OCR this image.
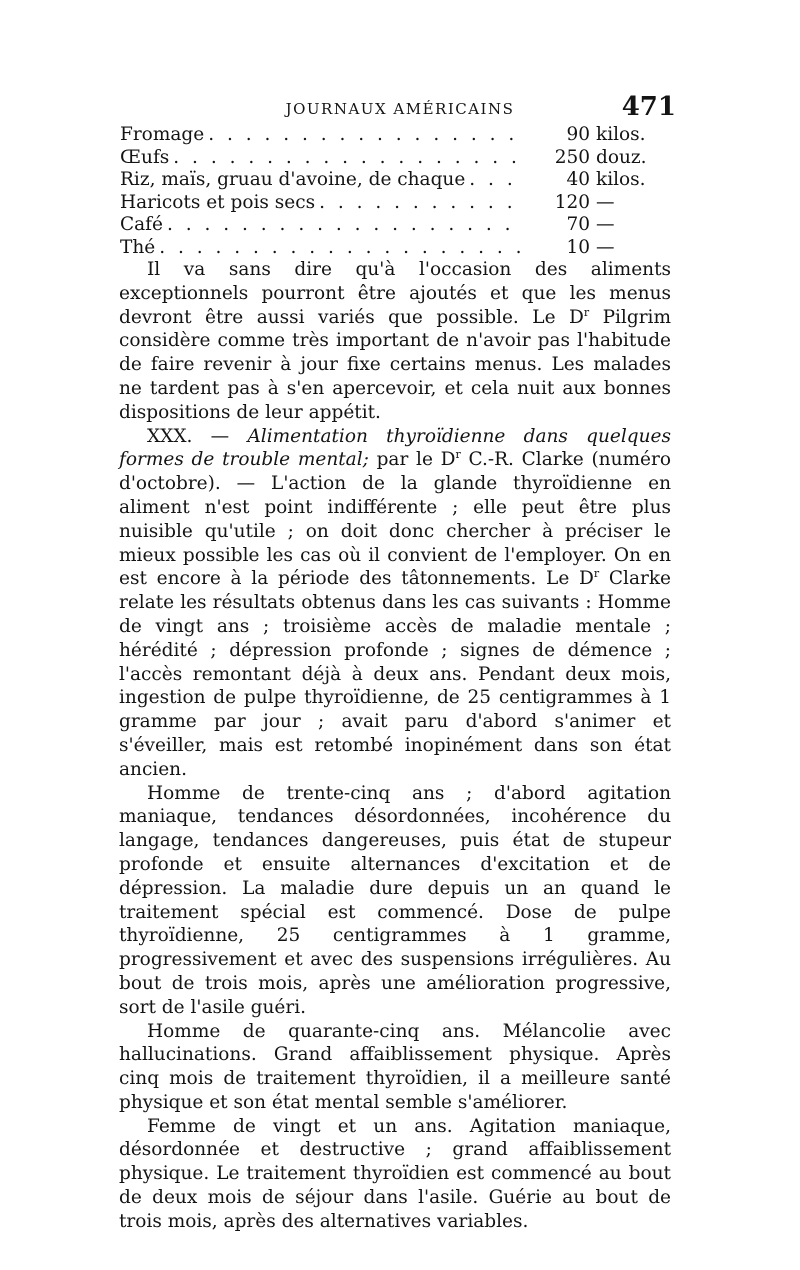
JOURNAUX AMÉRICAINS	471
Fromage . . .	90 kilos.
Œufs . . .	250 douz.
Riz, maïs, gruau d'avoine, de chaque . . .	40 kilos.
Haricots et pois secs . . .	120 —
Café . . .	70 —
Thé . . .	10 —

Il va sans dire qu'à l'occasion des aliments exceptionnels pourront être ajoutés et que les menus devront être aussi variés que possible. Le $D^r$ Pilgrim considère comme très important de n'avoir pas l'habitude de faire revenir à jour fixe certains menus. Les malades ne tardent pas à s'en apercevoir, et cela nuit aux bonnes dispositions de leur appétit.

XXX. — Alimentation thyroïdienne dans quelques formes de trouble mental; par le $D^r$ C.-R. Clarke (numéro d'octobre). — L'action de la glande thyroïdienne en aliment n'est point indifférente ; elle peut être plus nuisible qu'utile ; on doit donc chercher à préciser le mieux possible les cas où il convient de l'employer. On en est encore à la période des tâtonnements. Le $D^r$ Clarke relate les résultats obtenus dans les cas suivants : Homme de vingt ans ; troisième accès de maladie mentale ; hérédité ; dépression profonde ; signes de démence ; l'accès remontant déjà à deux ans. Pendant deux mois, ingestion de pulpe thyroïdienne, de 25 centigrammes à 1 gramme par jour ; avait paru d'abord s'animer et s'éveiller, mais est retombé inopinément dans son état ancien.

Homme de trente-cinq ans ; d'abord agitation maniaque, tendances désordonnées, incohérence du langage, tendances dangereuses, puis état de stupeur profonde et ensuite alternances d'excitation et de dépression. La maladie dure depuis un an quand le traitement spécial est commencé. Dose de pulpe thyroïdienne, 25 centigrammes à 1 gramme, progressivement et avec des suspensions irrégulières. Au bout de trois mois, après une amélioration progressive, sort de l'asile guéri.

Homme de quarante-cinq ans. Mélancolie avec hallucinations. Grand affaiblissement physique. Après cinq mois de traitement thyroïdien, il a meilleure santé physique et son état mental semble s'améliorer.

Femme de vingt et un ans. Agitation maniaque, désordonnée et destructive ; grand affaiblissement physique. Le traitement thyroïdien est commencé au bout de deux mois de séjour dans l'asile. Guérie au bout de trois mois, après des alternatives variables.
